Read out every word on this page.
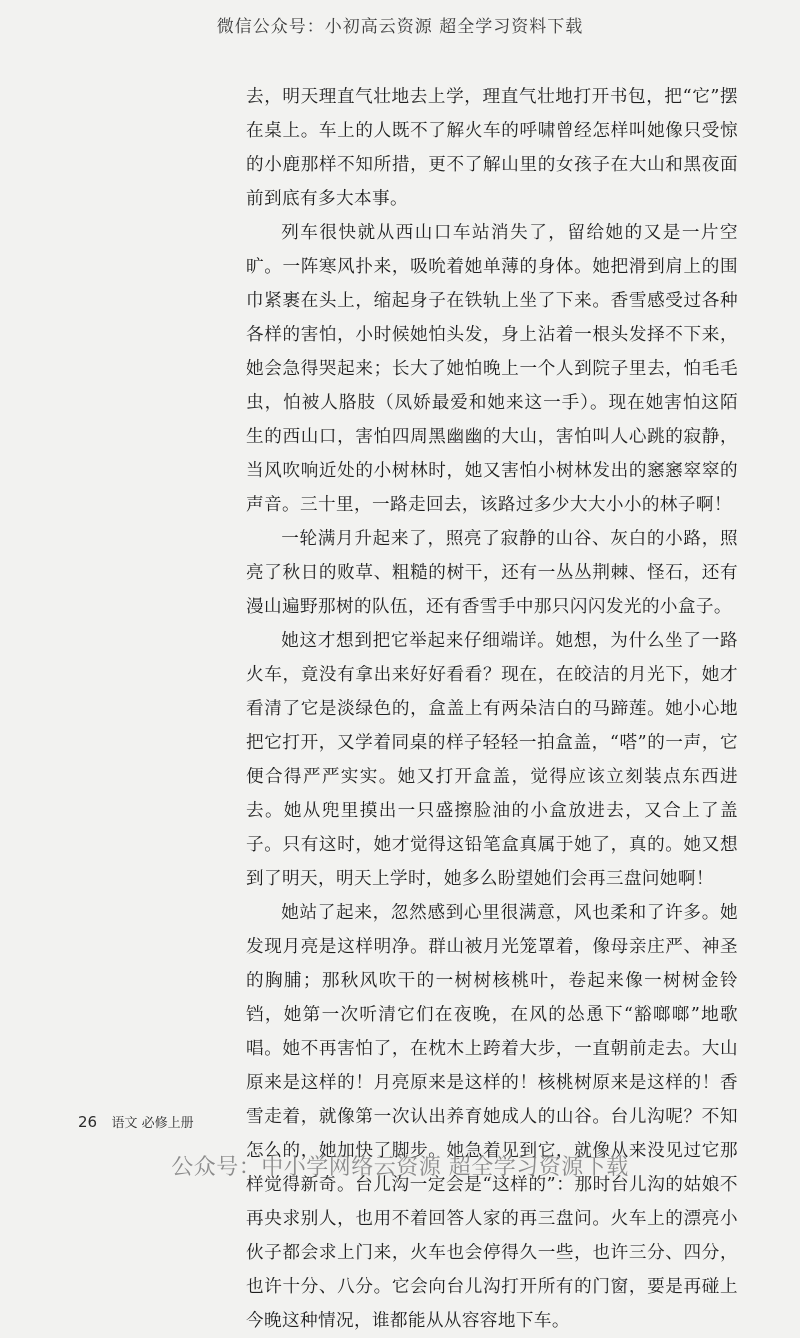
微信公众号：小初高云资源 超全学习资料下载

去，明天理直气壮地去上学，理直气壮地打开书包，把“它”摆在桌上。车上的人既不了解火车的呼啸曾经怎样叫她像只受惊的小鹿那样不知所措，更不了解山里的女孩子在大山和黑夜面前到底有多大本事。

列车很快就从西山口车站消失了，留给她的又是一片空旷。一阵寒风扑来，吸吮着她单薄的身体。她把滑到肩上的围巾紧裹在头上，缩起身子在铁轨上坐了下来。香雪感受过各种各样的害怕，小时候她怕头发，身上沾着一根头发择不下来，她会急得哭起来；长大了她怕晚上一个人到院子里去，怕毛毛虫，怕被人胳肢（凤娇最爱和她来这一手）。现在她害怕这陌生的西山口，害怕四周黑幽幽的大山，害怕叫人心跳的寂静，当风吹响近处的小树林时，她又害怕小树林发出的窸窸窣窣的声音。三十里，一路走回去，该路过多少大大小小的林子啊！

一轮满月升起来了，照亮了寂静的山谷、灰白的小路，照亮了秋日的败草、粗糙的树干，还有一丛丛荆棘、怪石，还有漫山遍野那树的队伍，还有香雪手中那只闪闪发光的小盒子。

她这才想到把它举起来仔细端详。她想，为什么坐了一路火车，竟没有拿出来好好看看？现在，在皎洁的月光下，她才看清了它是淡绿色的，盒盖上有两朵洁白的马蹄莲。她小心地把它打开，又学着同桌的样子轻轻一拍盒盖，“嗒”的一声，它便合得严严实实。她又打开盒盖，觉得应该立刻装点东西进去。她从兜里摸出一只盛擦脸油的小盒放进去，又合上了盖子。只有这时，她才觉得这铅笔盒真属于她了，真的。她又想到了明天，明天上学时，她多么盼望她们会再三盘问她啊！

她站了起来，忽然感到心里很满意，风也柔和了许多。她发现月亮是这样明净。群山被月光笼罩着，像母亲庄严、神圣的胸脯；那秋风吹干的一树树核桃叶，卷起来像一树树金铃铛，她第一次听清它们在夜晚，在风的怂恿下“豁啷啷”地歌唱。她不再害怕了，在枕木上跨着大步，一直朝前走去。大山原来是这样的！月亮原来是这样的！核桃树原来是这样的！香雪走着，就像第一次认出养育她成人的山谷。台儿沟呢？不知怎么的，她加快了脚步。她急着见到它，就像从来没见过它那样觉得新奇。台儿沟一定会是“这样的”：那时台儿沟的姑娘不再央求别人，也用不着回答人家的再三盘问。火车上的漂亮小伙子都会求上门来，火车也会停得久一些，也许三分、四分，也许十分、八分。它会向台儿沟打开所有的门窗，要是再碰上今晚这种情况，谁都能从从容容地下车。

26 语文 必修上册
公众号：中小学网络云资源 超全学习资源下载
